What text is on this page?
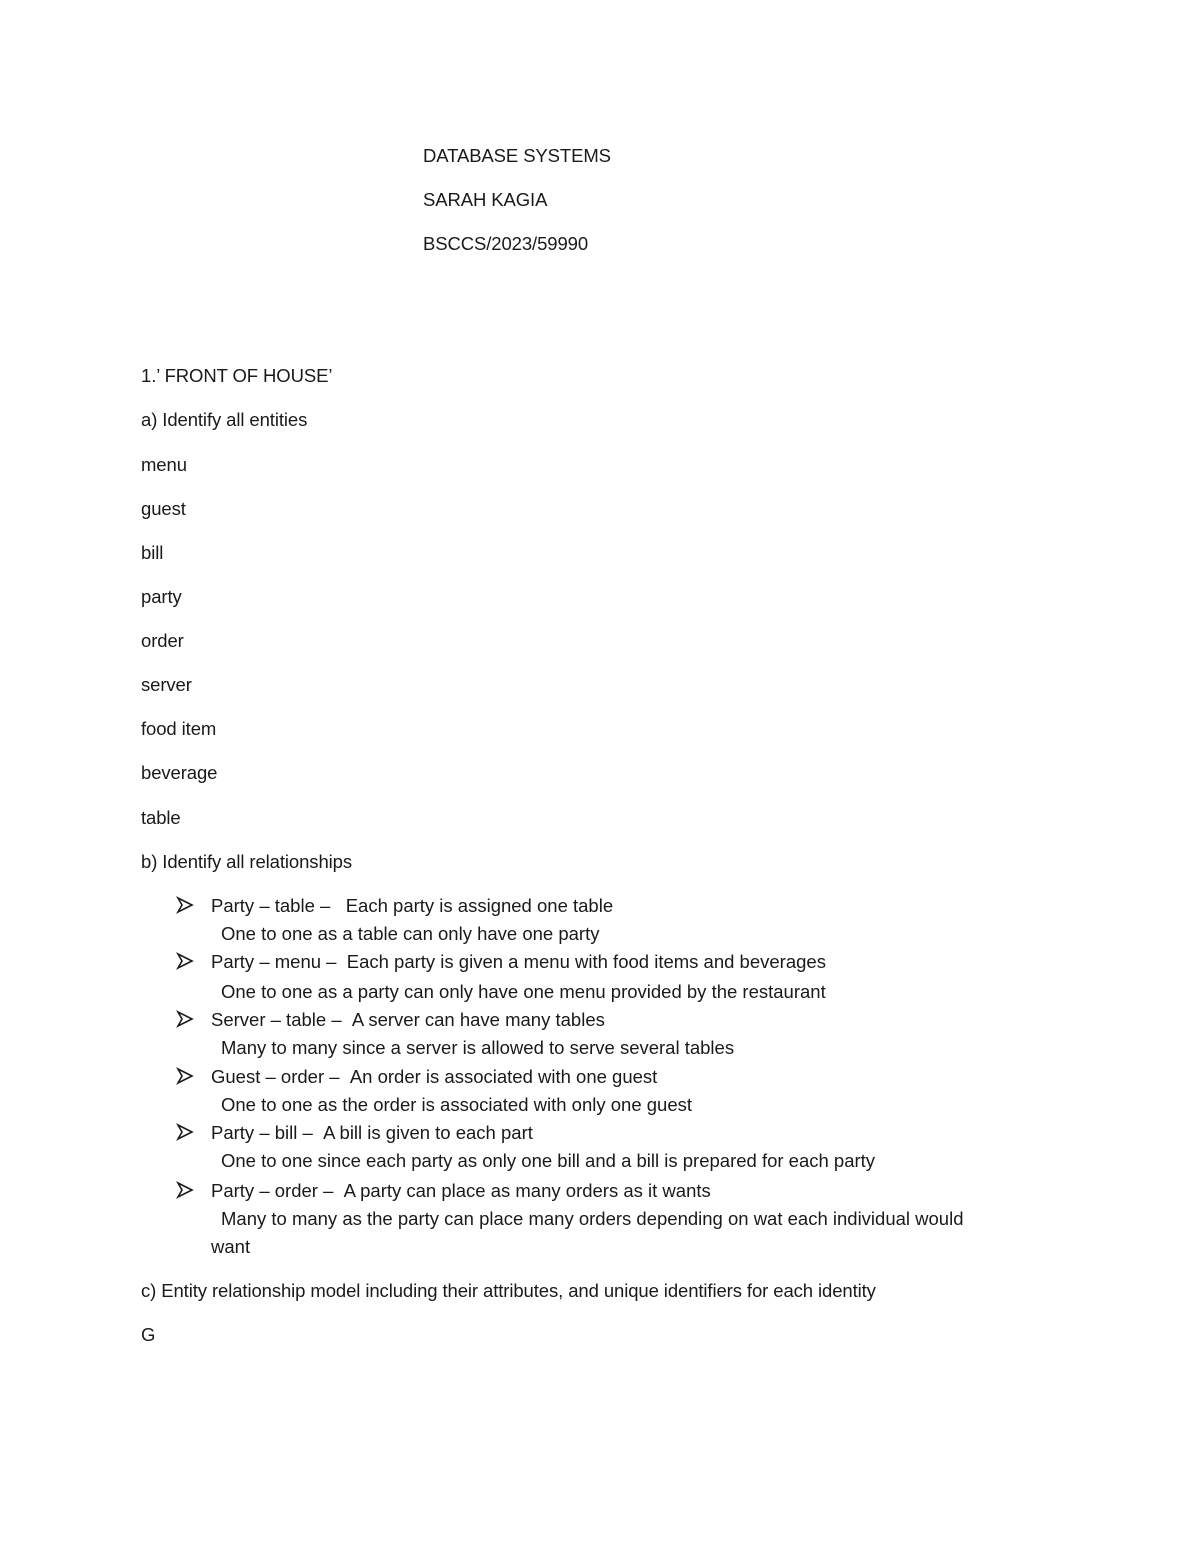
DATABASE SYSTEMS
SARAH KAGIA
BSCCS/2023/59990
1.’ FRONT OF HOUSE’
a) Identify all entities
menu
guest
bill
party
order
server
food item
beverage
table
b) Identify all relationships
Party – table – Each party is assigned one table
One to one as a table can only have one party
Party – menu – Each party is given a menu with food items and beverages
One to one as a party can only have one menu provided by the restaurant
Server – table – A server can have many tables
Many to many since a server is allowed to serve several tables
Guest – order – An order is associated with one guest
One to one as the order is associated with only one guest
Party – bill – A bill is given to each part
One to one since each party as only one bill and a bill is prepared for each party
Party – order – A party can place as many orders as it wants
Many to many as the party can place many orders depending on wat each individual would
want
c) Entity relationship model including their attributes, and unique identifiers for each identity
G
